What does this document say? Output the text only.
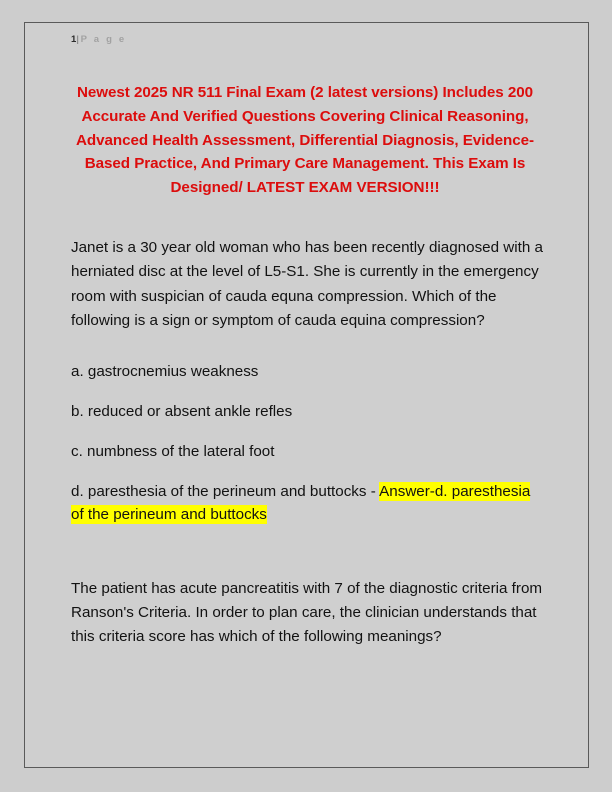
1|P a g e
Newest 2025 NR 511 Final Exam (2 latest versions) Includes 200 Accurate And Verified Questions Covering Clinical Reasoning, Advanced Health Assessment, Differential Diagnosis, Evidence-Based Practice, And Primary Care Management. This Exam Is Designed/ LATEST EXAM VERSION!!!

Janet is a 30 year old woman who has been recently diagnosed with a herniated disc at the level of L5-S1. She is currently in the emergency room with suspician of cauda equna compression. Which of the following is a sign or symptom of cauda equina compression?

a. gastrocnemius weakness

b. reduced or absent ankle refles

c. numbness of the lateral foot

d. paresthesia of the perineum and buttocks - Answer-d. paresthesia of the perineum and buttocks

The patient has acute pancreatitis with 7 of the diagnostic criteria from Ranson's Criteria. In order to plan care, the clinician understands that this criteria score has which of the following meanings?
